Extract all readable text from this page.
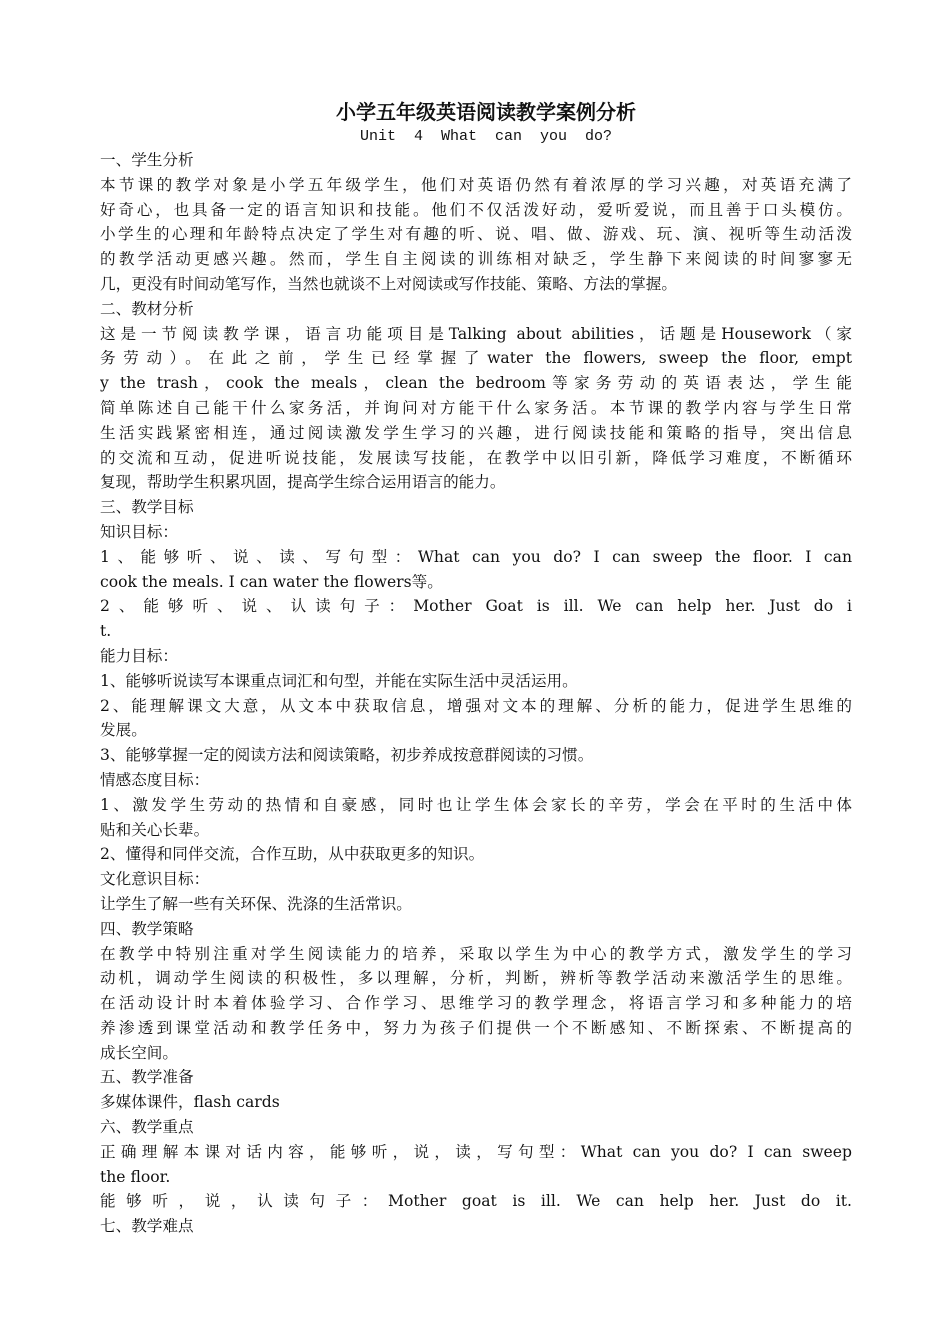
小学五年级英语阅读教学案例分析
Unit  4  What  can  you  do?
一、学生分析
本节课的教学对象是小学五年级学生，他们对英语仍然有着浓厚的学习兴趣，对英语充满了
好奇心，也具备一定的语言知识和技能。他们不仅活泼好动，爱听爱说，而且善于口头模仿。
小学生的心理和年龄特点决定了学生对有趣的听、说、唱、做、游戏、玩、演、视听等生动活泼
的教学活动更感兴趣。然而，学生自主阅读的训练相对缺乏，学生静下来阅读的时间寥寥无
几，更没有时间动笔写作，当然也就谈不上对阅读或写作技能、策略、方法的掌握。
二、教材分析
这是一节阅读教学课，语言功能项目是Talking about abilities，话题是Housework（家
务劳动）。在此之前，学生已经掌握了water the flowers, sweep the floor, empt
y the trash，cook the meals，clean the bedroom等家务劳动的英语表达，学生能
简单陈述自己能干什么家务活，并询问对方能干什么家务活。本节课的教学内容与学生日常
生活实践紧密相连，通过阅读激发学生学习的兴趣，进行阅读技能和策略的指导，突出信息
的交流和互动，促进听说技能，发展读写技能，在教学中以旧引新，降低学习难度，不断循环
复现，帮助学生积累巩固，提高学生综合运用语言的能力。
三、教学目标
知识目标：
1、能够听、说、读、写句型：What can you do? I can sweep the floor. I can
cook the meals. I can water the flowers等。
2、能够听、说、认读句子：Mother Goat is ill. We can help her. Just do i
t.
能力目标：
1、能够听说读写本课重点词汇和句型，并能在实际生活中灵活运用。
2、能理解课文大意，从文本中获取信息，增强对文本的理解、分析的能力，促进学生思维的
发展。
3、能够掌握一定的阅读方法和阅读策略，初步养成按意群阅读的习惯。
情感态度目标：
1、激发学生劳动的热情和自豪感，同时也让学生体会家长的辛劳，学会在平时的生活中体
贴和关心长辈。
2、懂得和同伴交流，合作互助，从中获取更多的知识。
文化意识目标：
让学生了解一些有关环保、洗涤的生活常识。
四、教学策略
在教学中特别注重对学生阅读能力的培养，采取以学生为中心的教学方式，激发学生的学习
动机，调动学生阅读的积极性，多以理解，分析，判断，辨析等教学活动来激活学生的思维。
在活动设计时本着体验学习、合作学习、思维学习的教学理念，将语言学习和多种能力的培
养渗透到课堂活动和教学任务中，努力为孩子们提供一个不断感知、不断探索、不断提高的
成长空间。
五、教学准备
多媒体课件，flash cards
六、教学重点
正确理解本课对话内容，能够听，说，读，写句型：What can you do? I can sweep
the floor.
能够听，说，认读句子：Mother goat is ill. We can help her. Just do it.
七、教学难点
